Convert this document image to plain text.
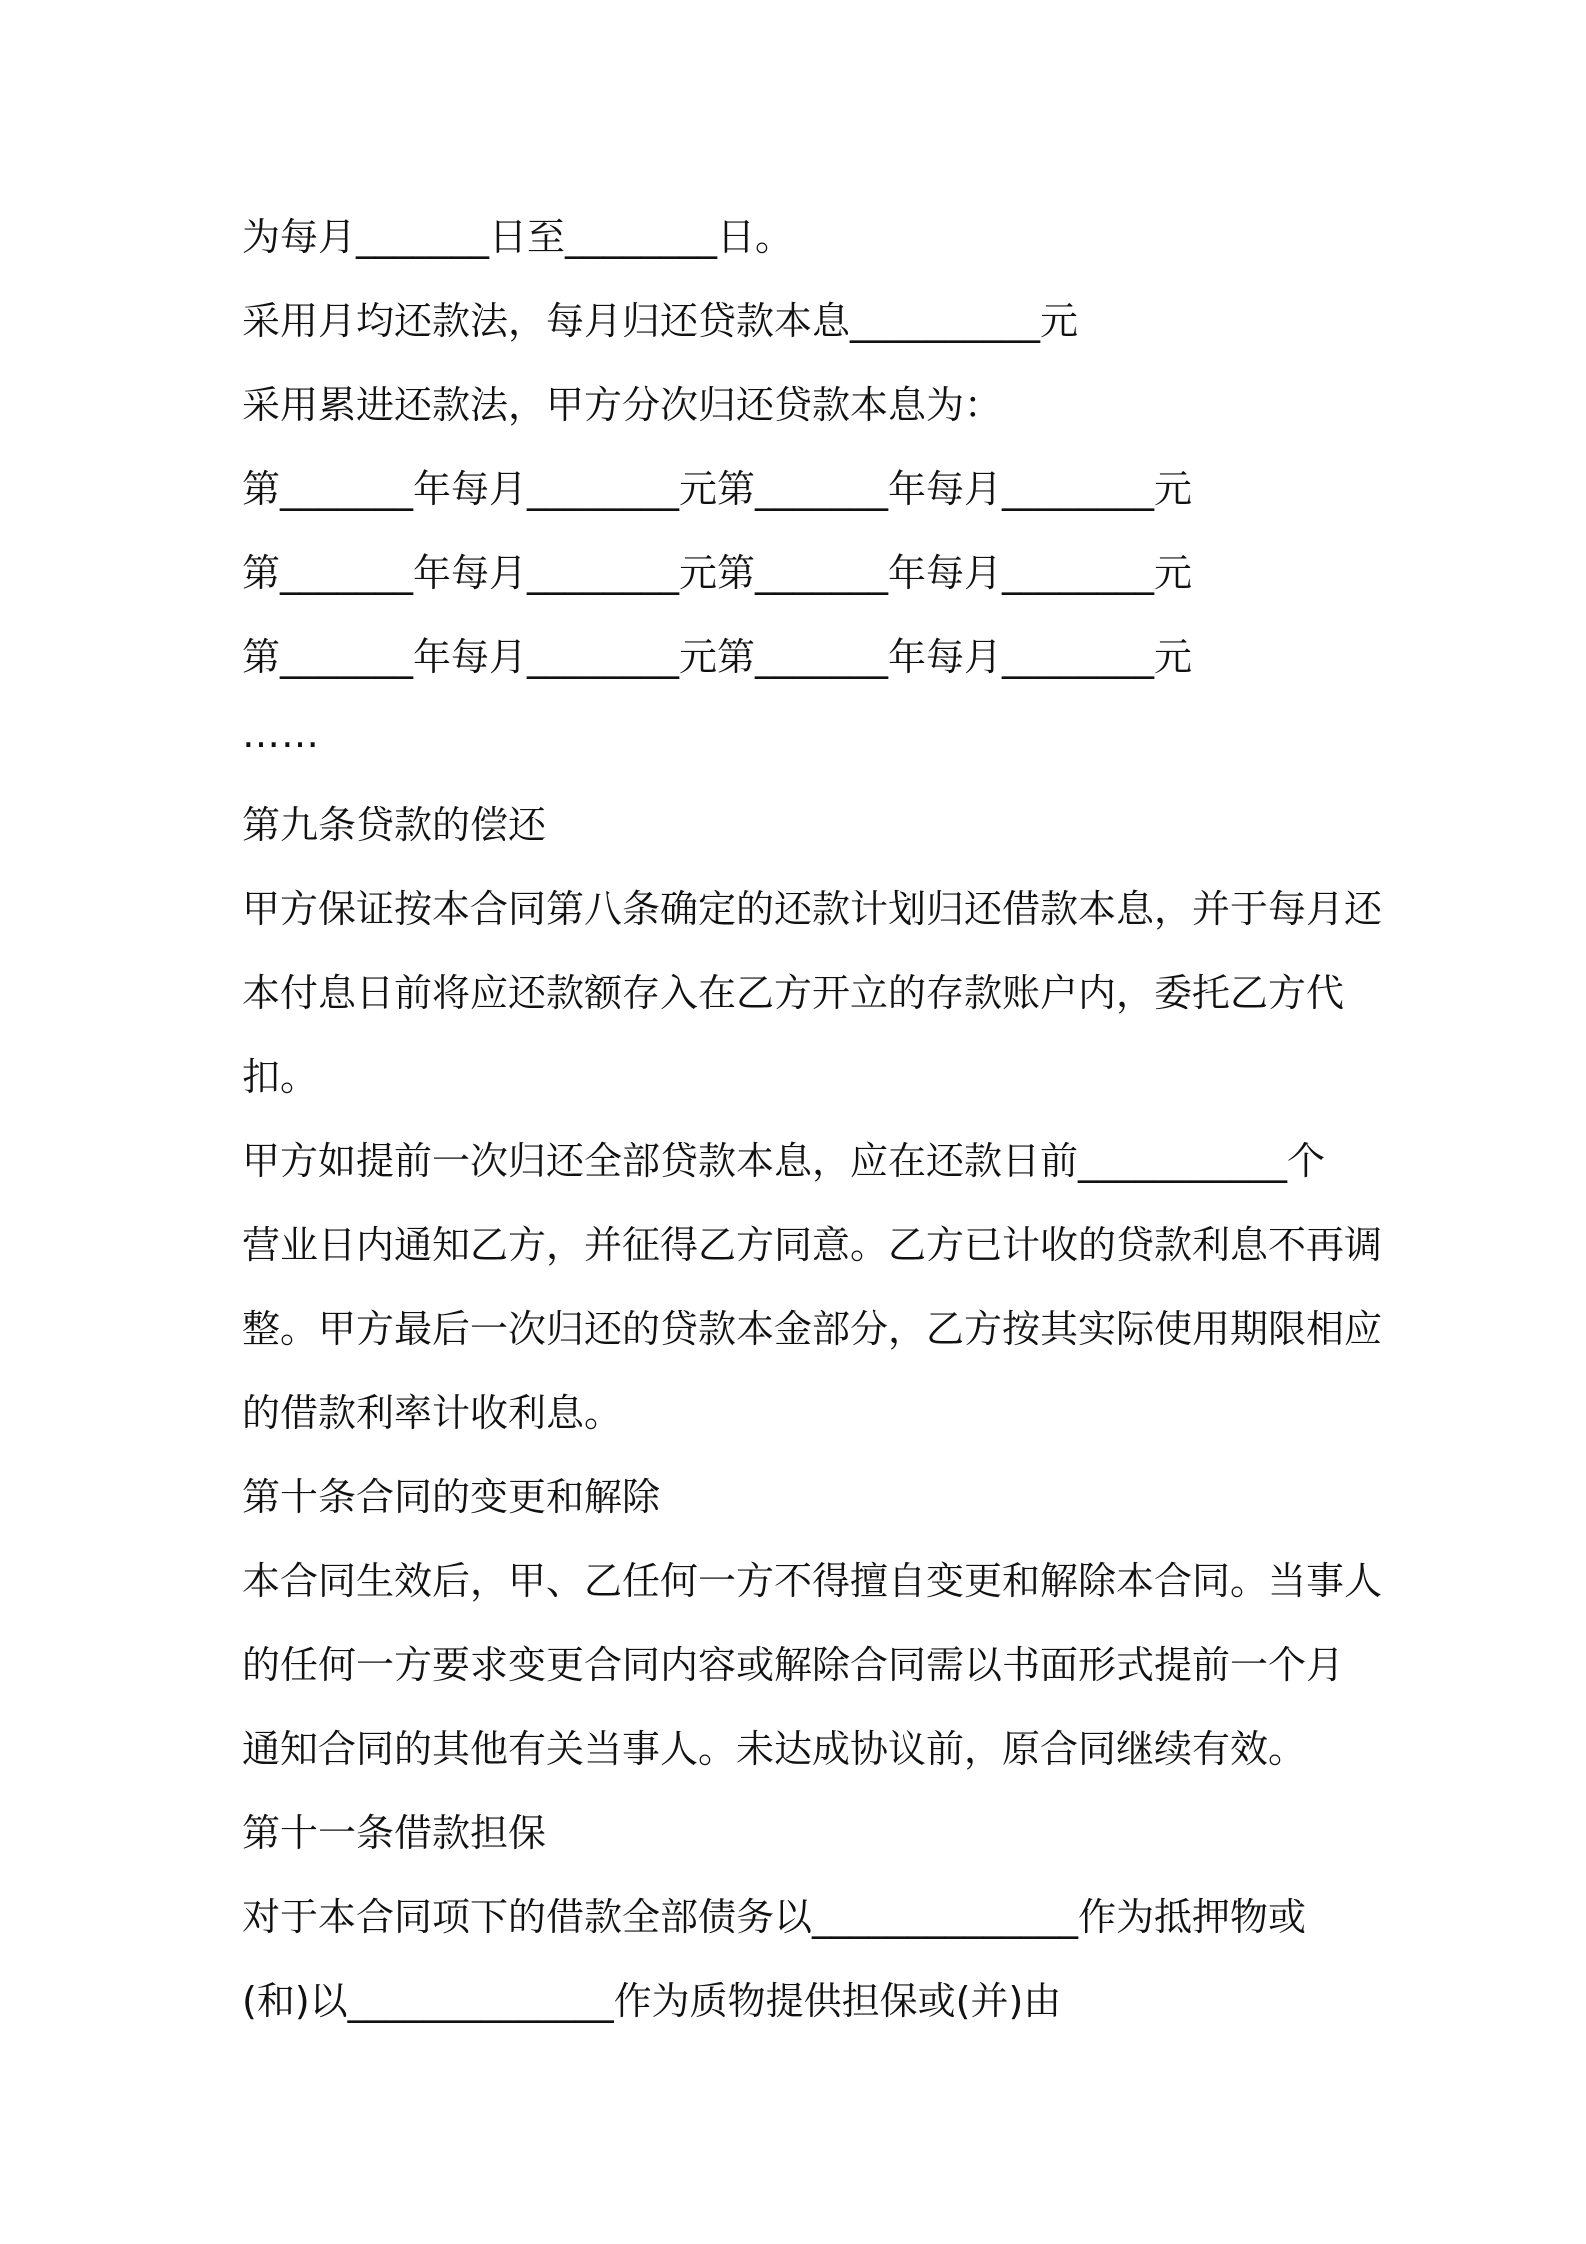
为每月_______日至________日。
采用月均还款法，每月归还贷款本息__________元
采用累进还款法，甲方分次归还贷款本息为：
第_______年每月________元第_______年每月________元
第_______年每月________元第_______年每月________元
第_______年每月________元第_______年每月________元
……
第九条贷款的偿还
甲方保证按本合同第八条确定的还款计划归还借款本息，并于每月还
本付息日前将应还款额存入在乙方开立的存款账户内，委托乙方代
扣。
甲方如提前一次归还全部贷款本息，应在还款日前___________个
营业日内通知乙方，并征得乙方同意。乙方已计收的贷款利息不再调
整。甲方最后一次归还的贷款本金部分，乙方按其实际使用期限相应
的借款利率计收利息。
第十条合同的变更和解除
本合同生效后，甲、乙任何一方不得擅自变更和解除本合同。当事人
的任何一方要求变更合同内容或解除合同需以书面形式提前一个月
通知合同的其他有关当事人。未达成协议前，原合同继续有效。
第十一条借款担保
对于本合同项下的借款全部债务以______________作为抵押物或
(和)以______________作为质物提供担保或(并)由
